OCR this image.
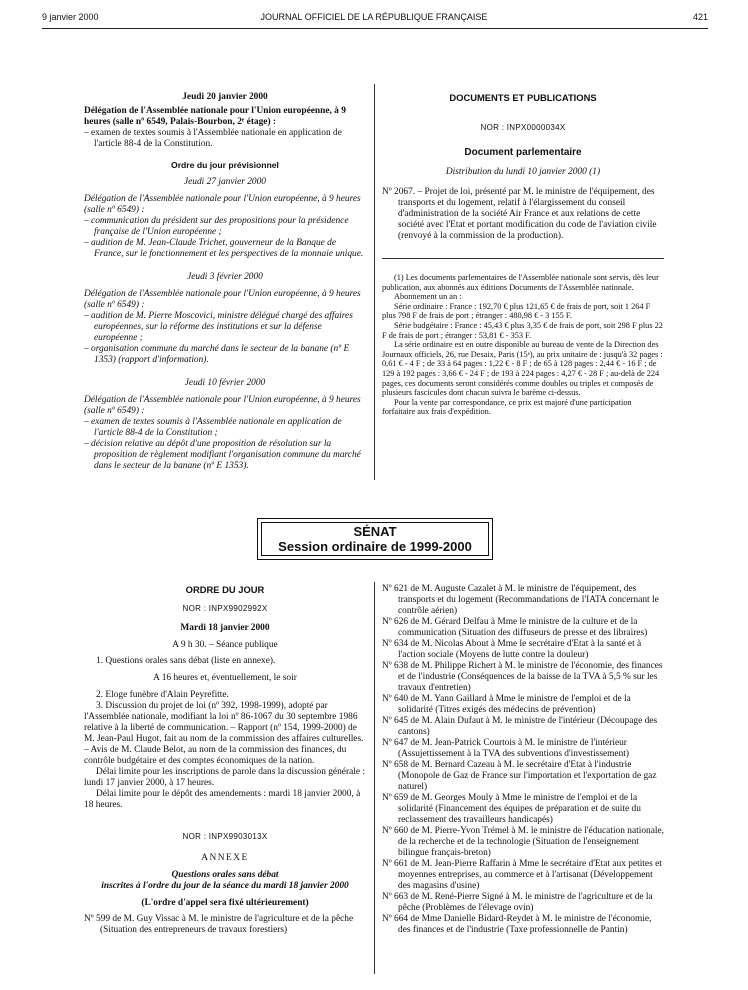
9 janvier 2000	JOURNAL OFFICIEL DE LA RÉPUBLIQUE FRANÇAISE	421

Jeudi 20 janvier 2000

Délégation de l'Assemblée nationale pour l'Union européenne, à 9 heures (salle nº 6549, Palais-Bourbon, 2ᵉ étage) :

– examen de textes soumis à l'Assemblée nationale en application de l'article 88-4 de la Constitution.

Ordre du jour prévisionnel

Jeudi 27 janvier 2000

Délégation de l'Assemblée nationale pour l'Union européenne, à 9 heures (salle nº 6549) :

– communication du président sur des propositions pour la présidence française de l'Union européenne ;

– audition de M. Jean-Claude Trichet, gouverneur de la Banque de France, sur le fonctionnement et les perspectives de la monnaie unique.

Jeudi 3 février 2000

Délégation de l'Assemblée nationale pour l'Union européenne, à 9 heures (salle nº 6549) :

– audition de M. Pierre Moscovici, ministre délégué chargé des affaires européennes, sur la réforme des institutions et sur la défense européenne ;

– organisation commune du marché dans le secteur de la banane (nº E 1353) (rapport d'information).

Jeudi 10 février 2000

Délégation de l'Assemblée nationale pour l'Union européenne, à 9 heures (salle nº 6549) :

– examen de textes soumis à l'Assemblée nationale en application de l'article 88-4 de la Constitution ;

– décision relative au dépôt d'une proposition de résolution sur la proposition de règlement modifiant l'organisation commune du marché dans le secteur de la banane (nº E 1353).

DOCUMENTS ET PUBLICATIONS

NOR : INPX0000034X

Document parlementaire

Distribution du lundi 10 janvier 2000 (1)

Nº 2067. – Projet de loi, présenté par M. le ministre de l'équipement, des transports et du logement, relatif à l'élargissement du conseil d'administration de la société Air France et aux relations de cette société avec l'Etat et portant modification du code de l'aviation civile (renvoyé à la commission de la production).

(1) Les documents parlementaires de l'Assemblée nationale sont servis, dès leur publication, aux abonnés aux éditions Documents de l'Assemblée nationale.

Abonnement un an :

Série ordinaire : France : 192,70 € plus 121,65 € de frais de port, soit 1 264 F plus 798 F de frais de port ; étranger : 480,98 € - 3 155 F.

Série budgétaire : France : 45,43 € plus 3,35 € de frais de port, soit 298 F plus 22 F de frais de port ; étranger : 53,81 € - 353 F.

La série ordinaire est en outre disponible au bureau de vente de la Direction des Journaux officiels, 26, rue Desaix, Paris (15ᵉ), au prix unitaire de : jusqu'à 32 pages : 0,61 € - 4 F ; de 33 à 64 pages : 1,22 € - 8 F ; de 65 à 128 pages : 2,44 € - 16 F ; de 129 à 192 pages : 3,66 € - 24 F ; de 193 à 224 pages : 4,27 € - 28 F ; au-delà de 224 pages, ces documents seront considérés comme doubles ou triples et composés de plusieurs fascicules dont chacun suivra le barème ci-dessus.

Pour la vente par correspondance, ce prix est majoré d'une participation forfaitaire aux frais d'expédition.

SÉNAT
Session ordinaire de 1999-2000

ORDRE DU JOUR

NOR : INPX9902992X

Mardi 18 janvier 2000

A 9 h 30. – Séance publique

1. Questions orales sans débat (liste en annexe).

A 16 heures et, éventuellement, le soir

2. Eloge funèbre d'Alain Peyrefitte.

3. Discussion du projet de loi (nº 392, 1998-1999), adopté par l'Assemblée nationale, modifiant la loi nº 86-1067 du 30 septembre 1986 relative à la liberté de communication. – Rapport (nº 154, 1999-2000) de M. Jean-Paul Hugot, fait au nom de la commission des affaires culturelles. – Avis de M. Claude Belot, au nom de la commission des finances, du contrôle budgétaire et des comptes économiques de la nation.

Délai limite pour les inscriptions de parole dans la discussion générale : lundi 17 janvier 2000, à 17 heures.

Délai limite pour le dépôt des amendements : mardi 18 janvier 2000, à 18 heures.

NOR : INPX9903013X

ANNEXE

Questions orales sans débat

inscrites à l'ordre du jour de la séance du mardi 18 janvier 2000

(L'ordre d'appel sera fixé ultérieurement)

Nº 599 de M. Guy Vissac à M. le ministre de l'agriculture et de la pêche (Situation des entrepreneurs de travaux forestiers)

Nº 621 de M. Auguste Cazalet à M. le ministre de l'équipement, des transports et du logement (Recommandations de l'IATA concernant le contrôle aérien)

Nº 626 de M. Gérard Delfau à Mme le ministre de la culture et de la communication (Situation des diffuseurs de presse et des libraires)

Nº 634 de M. Nicolas About à Mme le secrétaire d'Etat à la santé et à l'action sociale (Moyens de lutte contre la douleur)

Nº 638 de M. Philippe Richert à M. le ministre de l'économie, des finances et de l'industrie (Conséquences de la baisse de la TVA à 5,5 % sur les travaux d'entretien)

Nº 640 de M. Yann Gaillard à Mme le ministre de l'emploi et de la solidarité (Titres exigés des médecins de prévention)

Nº 645 de M. Alain Dufaut à M. le ministre de l'intérieur (Découpage des cantons)

Nº 647 de M. Jean-Patrick Courtois à M. le ministre de l'intérieur (Assujettissement à la TVA des subventions d'investissement)

Nº 658 de M. Bernard Cazeau à M. le secrétaire d'Etat à l'industrie (Monopole de Gaz de France sur l'importation et l'exportation de gaz naturel)

Nº 659 de M. Georges Mouly à Mme le ministre de l'emploi et de la solidarité (Financement des équipes de préparation et de suite du reclassement des travailleurs handicapés)

Nº 660 de M. Pierre-Yvon Trémel à M. le ministre de l'éducation nationale, de la recherche et de la technologie (Situation de l'enseignement bilingue français-breton)

Nº 661 de M. Jean-Pierre Raffarin à Mme le secrétaire d'Etat aux petites et moyennes entreprises, au commerce et à l'artisanat (Développement des magasins d'usine)

Nº 663 de M. René-Pierre Signé à M. le ministre de l'agriculture et de la pêche (Problèmes de l'élevage ovin)

Nº 664 de Mme Danielle Bidard-Reydet à M. le ministre de l'économie, des finances et de l'industrie (Taxe professionnelle de Pantin)
